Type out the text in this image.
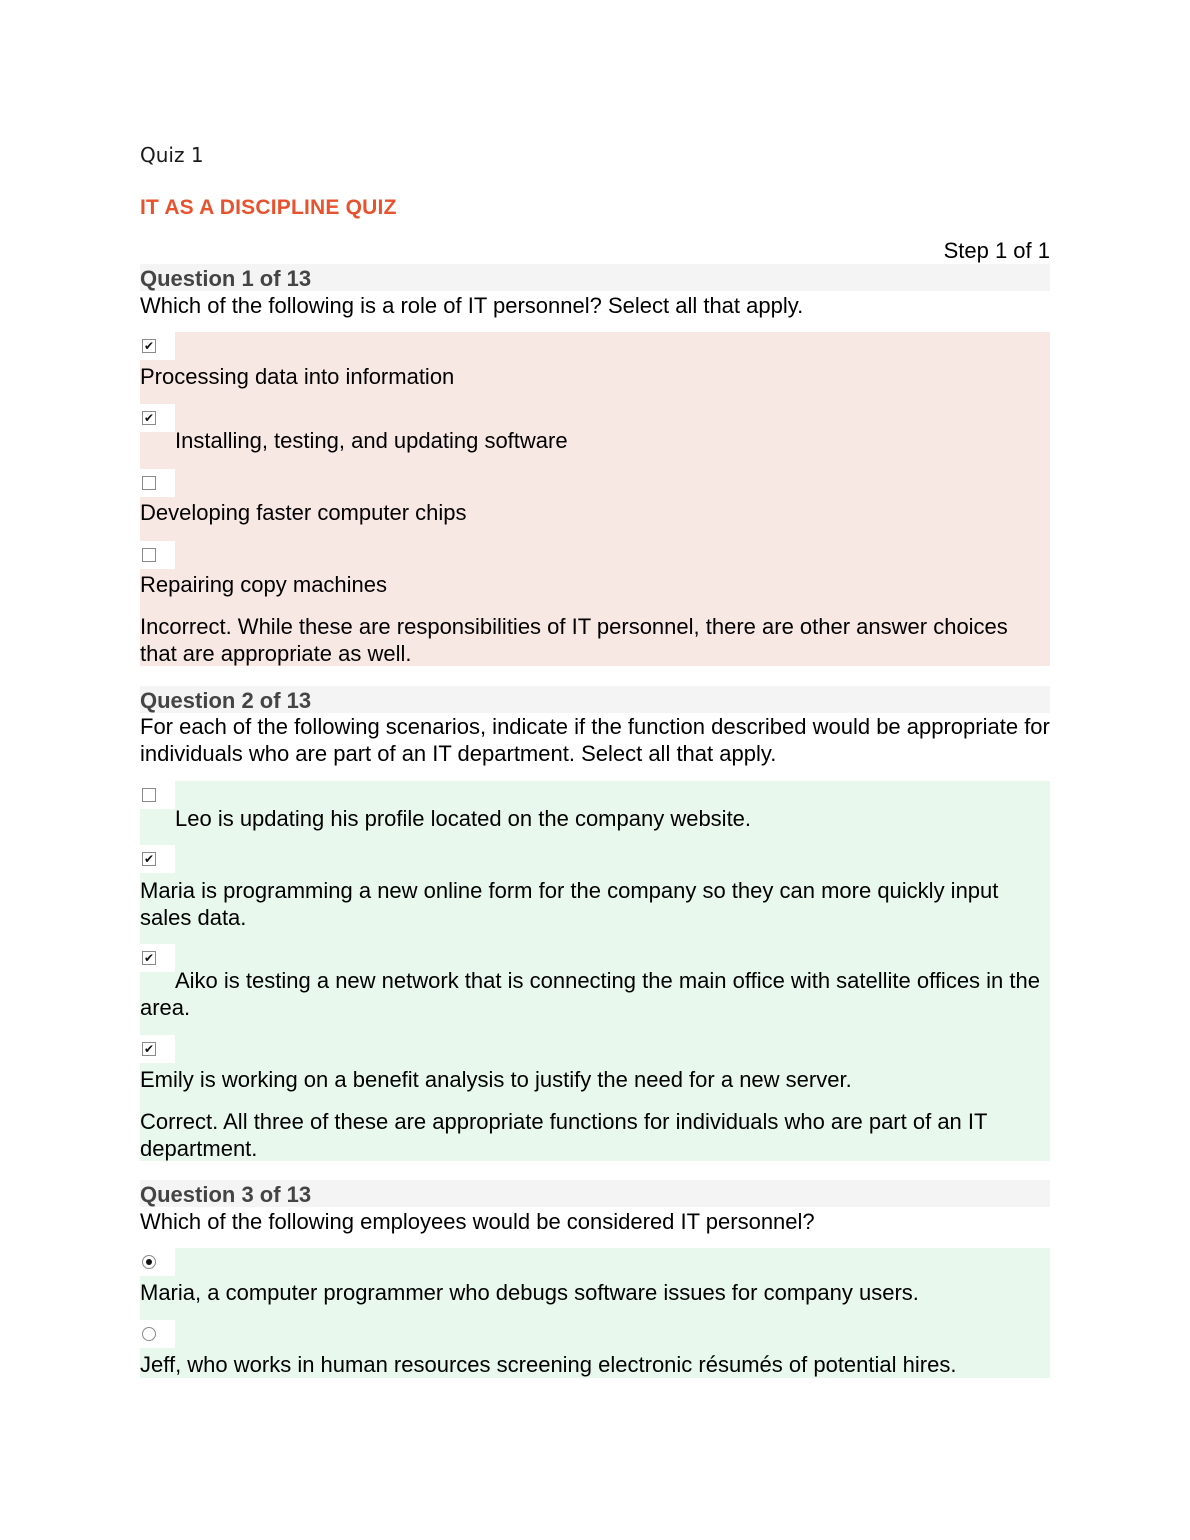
Quiz 1
IT AS A DISCIPLINE QUIZ
Step 1 of 1
Question 1 of 13
Which of the following is a role of IT personnel? Select all that apply.
✔
Processing data into information
✔
Installing, testing, and updating software
Developing faster computer chips
Repairing copy machines
Incorrect. While these are responsibilities of IT personnel, there are other answer choices that are appropriate as well.
Question 2 of 13
For each of the following scenarios, indicate if the function described would be appropriate for individuals who are part of an IT department. Select all that apply.
Leo is updating his profile located on the company website.
✔
Maria is programming a new online form for the company so they can more quickly input sales data.
✔
Aiko is testing a new network that is connecting the main office with satellite offices in the area.
✔
Emily is working on a benefit analysis to justify the need for a new server.
Correct. All three of these are appropriate functions for individuals who are part of an IT department.
Question 3 of 13
Which of the following employees would be considered IT personnel?
Maria, a computer programmer who debugs software issues for company users.
Jeff, who works in human resources screening electronic résumés of potential hires.
